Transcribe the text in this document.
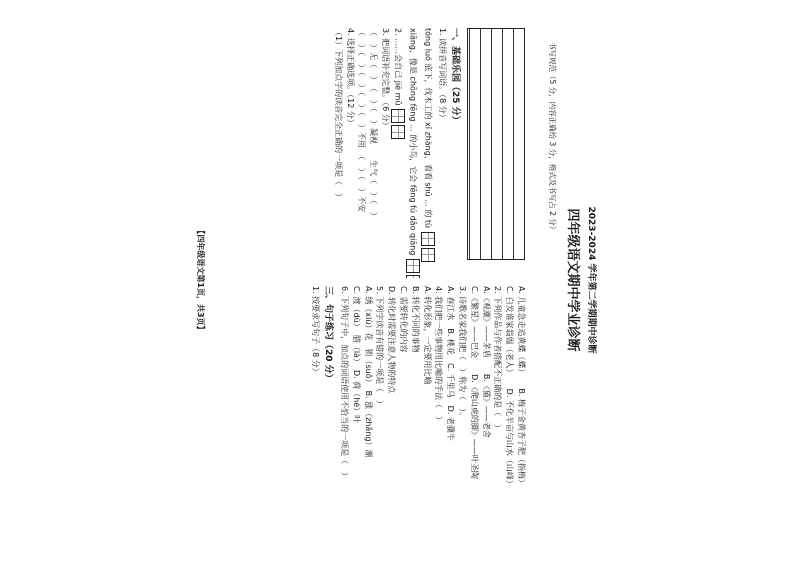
2023-2024 学年第二学期期中诊断
四年级语文期中学业诊断
书写规范（5 分，内容正确给 3 分，格式及书写占 2 分）
一、基础乐园（25 分）
1. 读拼音写词语。（8 分）
tóng luó 底下，伐木工的 xī zhàng，看看 shū ... 的 tù
xiāng，像是 chōng fēng ... 的小鸟，它会 fēng fú dǎo qiāng
2. ……会自己 jiē mǔ
3. 把词语补充完整。（6 分）
（　）无（　）　（　）（　）凝视　　生气（　）（　）
（　）（　）（　）（　）（　）不用　（　）（　）不安
4. 选择正确选项。（12 分）
（1）下列加点字的读音完全正确的一项是（　）
A. 儿童急走追黄蝶（蝶）　　B. 梅子金黄杏子肥（指梅）
C. 白发谁家翁媪（老人）　　D. 不化半亩与山水（山峰）
2. 下列作品与作者搭配不正确的是（　）
A.《观潮》——茅盾　　B.《猫》——老舍
C.《繁星》——巴金　　D.《爬山虎的脚》——叶圣陶
3. 诗歌名家我们把（　）称为（　）。
A. 春江水　B. 桃花　C. 千里马　D. 老骥牛
4. 我们把一些事物用比喻的手法（　）
A. 转化形象，一定要用比喻
B. 转化不同的事物
C. 需要转化的内容
D. 转化时需要注意人物的特点
5. 下列字读音有错的一项是（　）
A. 绣（xiù）花　锁（suǒ）　B. 涨（zhǎng）潮
C. 渡（dù）　腊（là）　D. 荷（hé）叶
6. 下列句子中，加点的词语使用不恰当的一项是（　）
三、句子练习（20 分）
1. 按要求写句子（8 分）
【四年级语文第1页，共3页】
